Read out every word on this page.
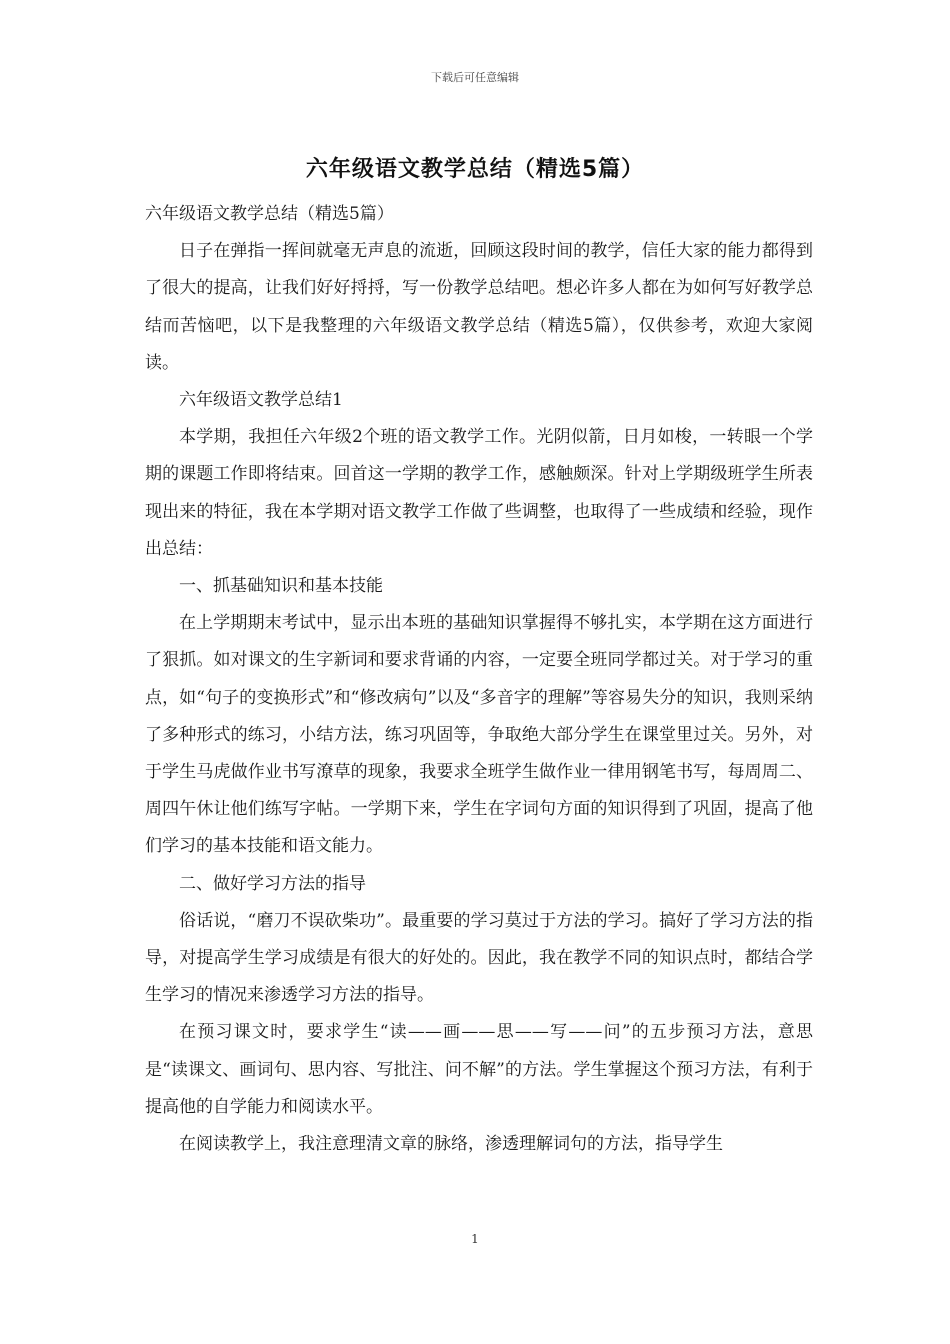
下载后可任意编辑
六年级语文教学总结（精选5篇）

六年级语文教学总结（精选5篇）

日子在弹指一挥间就毫无声息的流逝，回顾这段时间的教学，信任大家的能力都得到了很大的提高，让我们好好捋捋，写一份教学总结吧。想必许多人都在为如何写好教学总结而苦恼吧，以下是我整理的六年级语文教学总结（精选5篇），仅供参考，欢迎大家阅读。

六年级语文教学总结1

本学期，我担任六年级2个班的语文教学工作。光阴似箭，日月如梭，一转眼一个学期的课题工作即将结束。回首这一学期的教学工作，感触颇深。针对上学期级班学生所表现出来的特征，我在本学期对语文教学工作做了些调整，也取得了一些成绩和经验，现作出总结：

一、抓基础知识和基本技能

在上学期期末考试中，显示出本班的基础知识掌握得不够扎实，本学期在这方面进行了狠抓。如对课文的生字新词和要求背诵的内容，一定要全班同学都过关。对于学习的重点，如“句子的变换形式”和“修改病句”以及“多音字的理解”等容易失分的知识，我则采纳了多种形式的练习，小结方法，练习巩固等，争取绝大部分学生在课堂里过关。另外，对于学生马虎做作业书写潦草的现象，我要求全班学生做作业一律用钢笔书写，每周周二、周四午休让他们练写字帖。一学期下来，学生在字词句方面的知识得到了巩固，提高了他们学习的基本技能和语文能力。

二、做好学习方法的指导

俗话说，“磨刀不误砍柴功”。最重要的学习莫过于方法的学习。搞好了学习方法的指导，对提高学生学习成绩是有很大的好处的。因此，我在教学不同的知识点时，都结合学生学习的情况来渗透学习方法的指导。

在预习课文时，要求学生“读——画——思——写——问”的五步预习方法，意思是“读课文、画词句、思内容、写批注、问不解”的方法。学生掌握这个预习方法，有利于提高他的自学能力和阅读水平。

在阅读教学上，我注意理清文章的脉络，渗透理解词句的方法，指导学生

1
